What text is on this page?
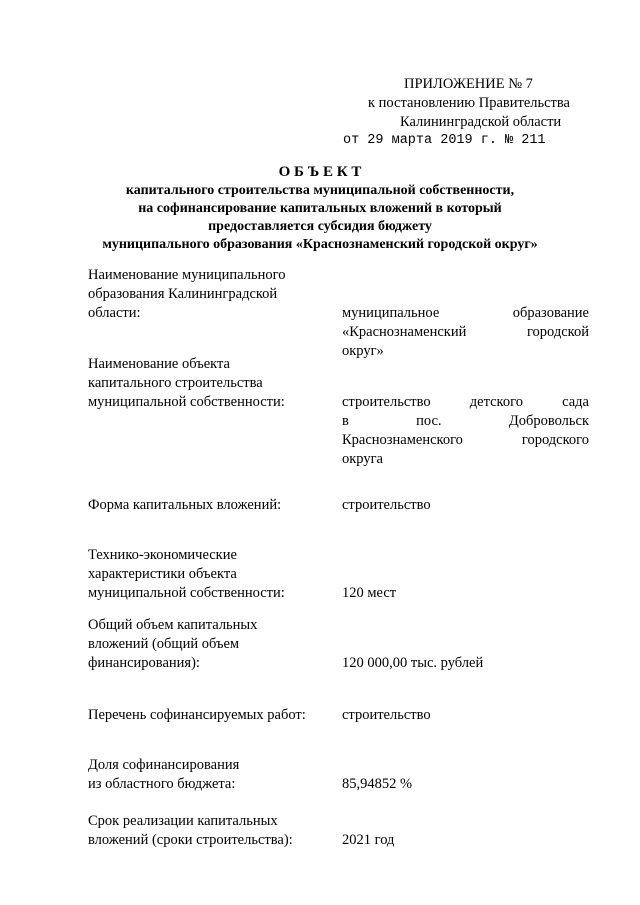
ПРИЛОЖЕНИЕ № 7
к постановлению Правительства
Калининградской области
от 29 марта 2019 г. № 211
О Б Ъ Е К Т
капитального строительства муниципальной собственности,
на софинансирование капитальных вложений в который
предоставляется субсидия бюджету
муниципального образования «Краснознаменский городской округ»
Наименование муниципального
образования Калининградской
области:	муниципальное образование
«Краснознаменский городской
округ»
Наименование объекта
капитального строительства
муниципальной собственности:	строительство детского сада
в пос. Добровольск
Краснознаменского городского
округа
Форма капитальных вложений:	строительство
Технико-экономические
характеристики объекта
муниципальной собственности:	120 мест
Общий объем капитальных
вложений (общий объем
финансирования):	120 000,00 тыс. рублей
Перечень софинансируемых работ:	строительство
Доля софинансирования
из областного бюджета:	85,94852 %
Срок реализации капитальных
вложений (сроки строительства):	2021 год
